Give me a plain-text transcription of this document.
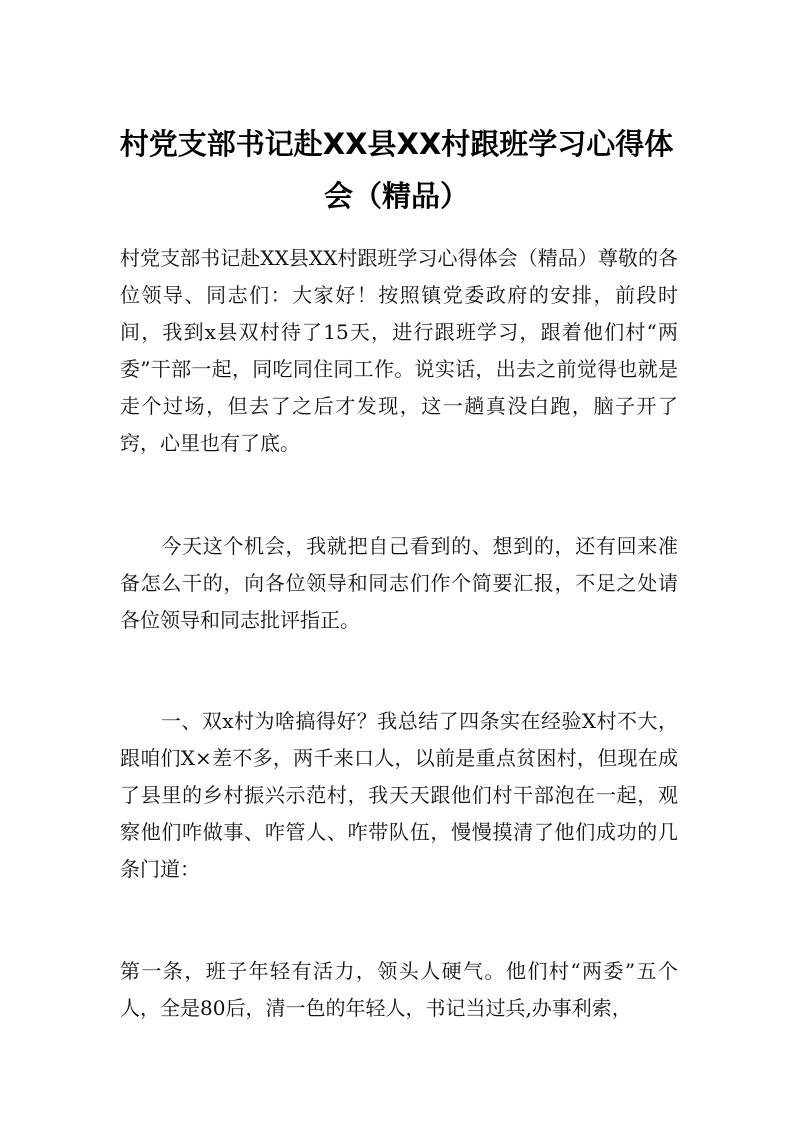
村党支部书记赴XX县XX村跟班学习心得体会（精品）

村党支部书记赴XX县XX村跟班学习心得体会（精品）尊敬的各位领导、同志们：大家好！按照镇党委政府的安排，前段时间，我到x县双村待了15天，进行跟班学习，跟着他们村“两委”干部一起，同吃同住同工作。说实话，出去之前觉得也就是走个过场，但去了之后才发现，这一趟真没白跑，脑子开了窍，心里也有了底。

　　今天这个机会，我就把自己看到的、想到的，还有回来准备怎么干的，向各位领导和同志们作个简要汇报，不足之处请各位领导和同志批评指正。

　　一、双x村为啥搞得好？我总结了四条实在经验X村不大，跟咱们X×差不多，两千来口人，以前是重点贫困村，但现在成了县里的乡村振兴示范村，我天天跟他们村干部泡在一起，观察他们咋做事、咋管人、咋带队伍，慢慢摸清了他们成功的几条门道：

第一条，班子年轻有活力，领头人硬气。他们村“两委”五个人，全是80后，清一色的年轻人，书记当过兵,办事利索，
